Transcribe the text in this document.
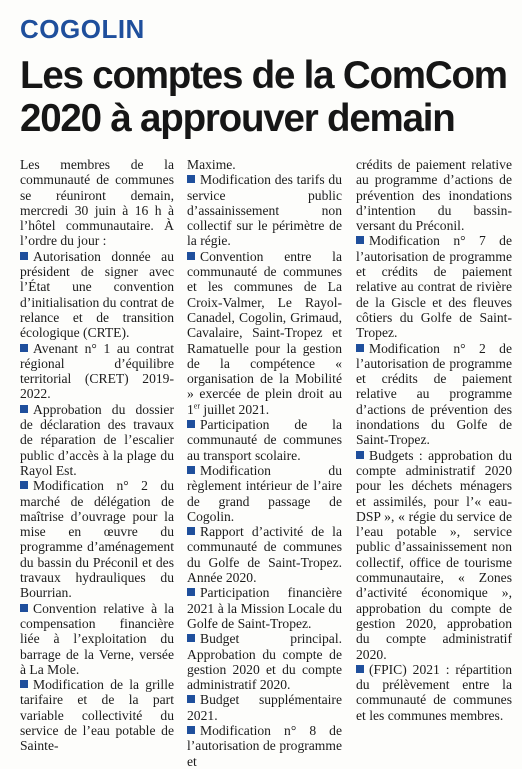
COGOLIN
Les comptes de la ComCom 2020 à approuver demain

Les membres de la communauté de communes se réuniront demain, mercredi 30 juin à 16 h à l’hôtel communautaire. À l’ordre du jour :

Autorisation donnée au président de signer avec l’État une convention d’initialisation du contrat de relance et de transition écologique (CRTE).

Avenant n° 1 au contrat régional d’équilibre territorial (CRET) 2019-2022.

Approbation du dossier de déclaration des travaux de réparation de l’escalier public d’accès à la plage du Rayol Est.

Modification n° 2 du marché de délégation de maîtrise d’ouvrage pour la mise en œuvre du programme d’aménagement du bassin du Préconil et des travaux hydrauliques du Bourrian.

Convention relative à la compensation financière liée à l’exploitation du barrage de la Verne, versée à La Mole.

Modification de la grille tarifaire et de la part variable collectivité du service de l’eau potable de Sainte-

Maxime.

Modification des tarifs du service public d’assainissement non collectif sur le périmètre de la régie.

Convention entre la communauté de communes et les communes de La Croix-Valmer, Le Rayol-Canadel, Cogolin, Grimaud, Cavalaire, Saint-Tropez et Ramatuelle pour la gestion de la compétence « organisation de la Mobilité » exercée de plein droit au 1er juillet 2021.

Participation de la communauté de communes au transport scolaire.

Modification du règlement intérieur de l’aire de grand passage de Cogolin.

Rapport d’activité de la communauté de communes du Golfe de Saint-Tropez. Année 2020.

Participation financière 2021 à la Mission Locale du Golfe de Saint-Tropez.

Budget principal. Approbation du compte de gestion 2020 et du compte administratif 2020.

Budget supplémentaire 2021.

Modification n° 8 de l’autorisation de programme et

crédits de paiement relative au programme d’actions de prévention des inondations d’intention du bassin-versant du Préconil.

Modification n° 7 de l’autorisation de programme et crédits de paiement relative au contrat de rivière de la Giscle et des fleuves côtiers du Golfe de Saint-Tropez.

Modification n° 2 de l’autorisation de programme et crédits de paiement relative au programme d’actions de prévention des inondations du Golfe de Saint-Tropez.

Budgets : approbation du compte administratif 2020 pour les déchets ménagers et assimilés, pour l’« eau-DSP », « régie du service de l’eau potable », service public d’assainissement non collectif, office de tourisme communautaire, « Zones d’activité économique », approbation du compte de gestion 2020, approbation du compte administratif 2020.

(FPIC) 2021 : répartition du prélèvement entre la communauté de communes et les communes membres.
